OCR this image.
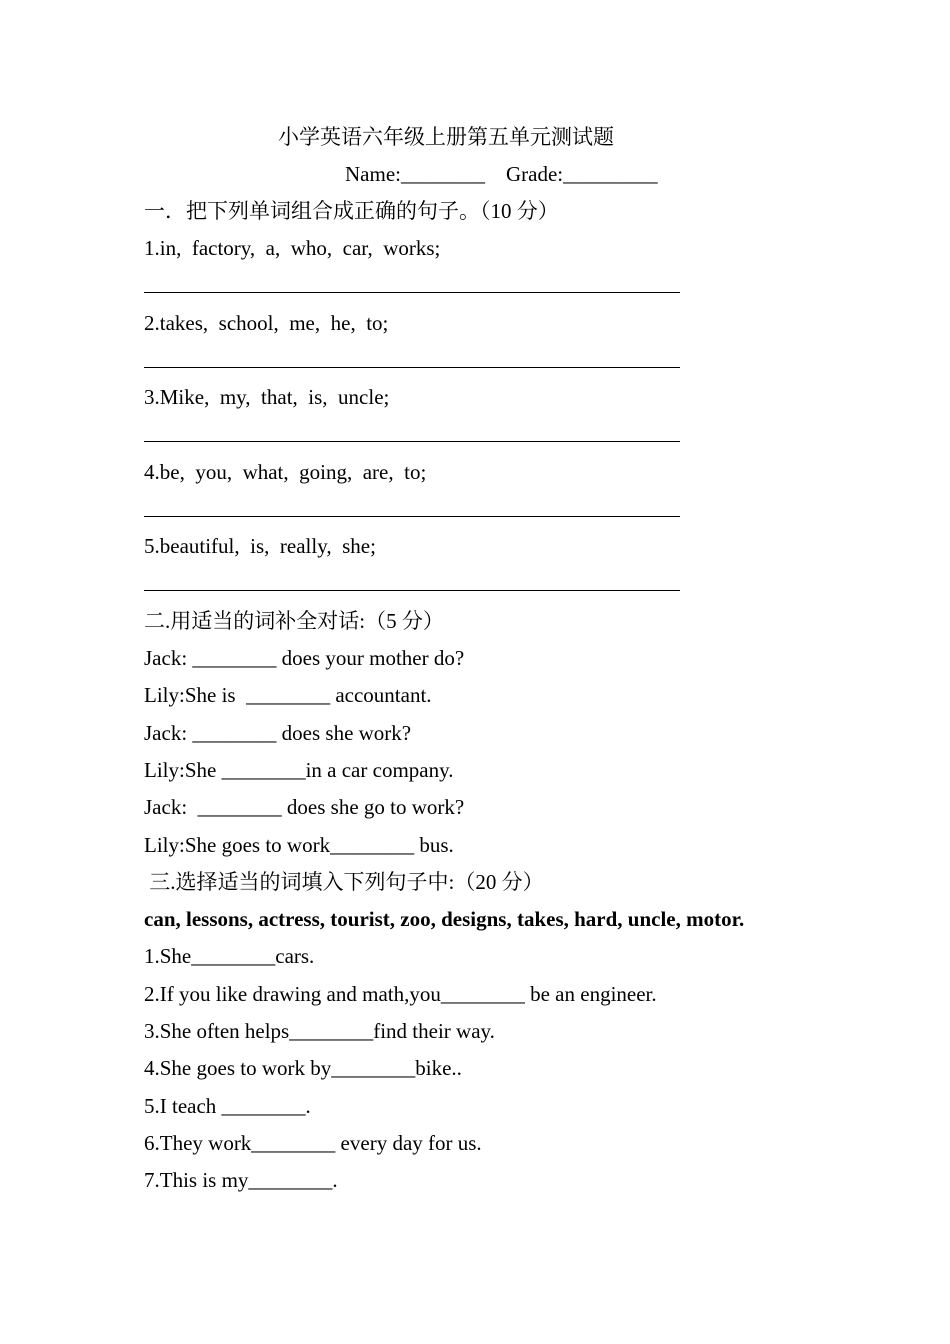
小学英语六年级上册第五单元测试题
Name:________    Grade:_________
一．把下列单词组合成正确的句子。（10 分）
1.in,  factory,  a,  who,  car,  works;
2.takes,  school,  me,  he,  to;
3.Mike,  my,  that,  is,  uncle;
4.be,  you,  what,  going,  are,  to;
5.beautiful,  is,  really,  she;
二.用适当的词补全对话:（5 分）
Jack: ________ does your mother do?
Lily:She is  ________ accountant.
Jack: ________ does she work?
Lily:She ________in a car company.
Jack:  ________ does she go to work?
Lily:She goes to work________ bus.
三.选择适当的词填入下列句子中:（20 分）
can, lessons, actress, tourist, zoo, designs, takes, hard, uncle, motor.
1.She________cars.
2.If you like drawing and math,you________ be an engineer.
3.She often helps________find their way.
4.She goes to work by________bike..
5.I teach ________.
6.They work________ every day for us.
7.This is my________.
